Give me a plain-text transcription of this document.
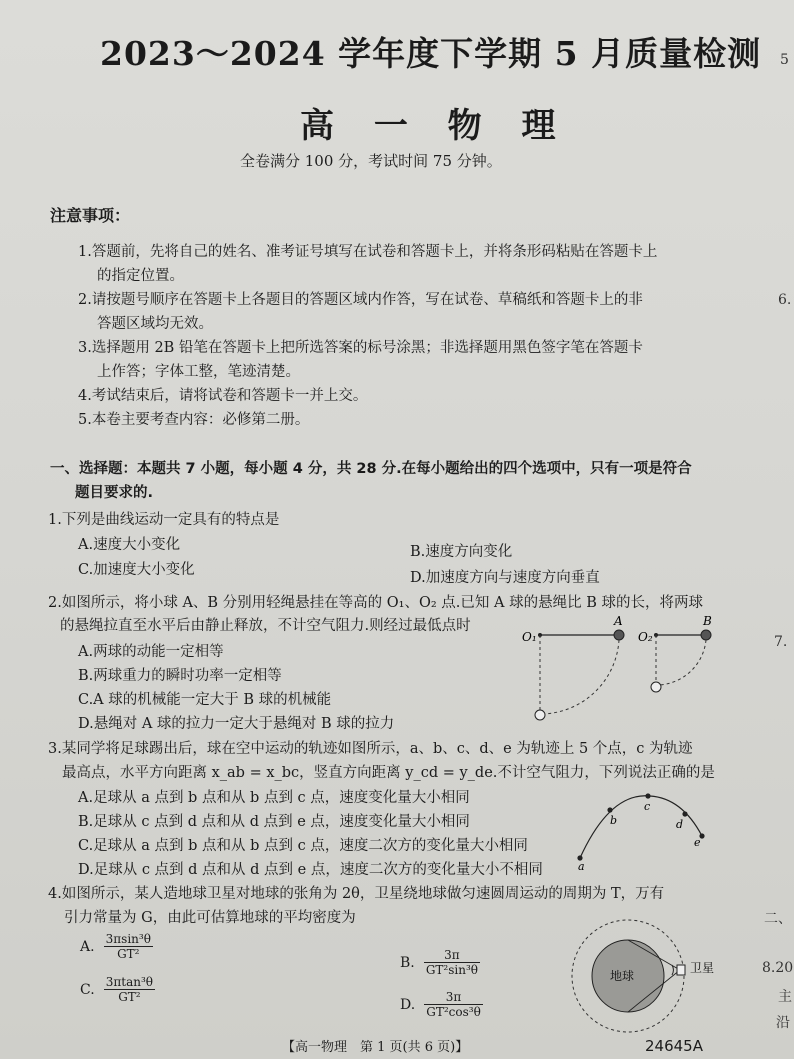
2023～2024 学年度下学期 5 月质量检测
高 一 物 理
全卷满分 100 分，考试时间 75 分钟。
注意事项：
1.答题前，先将自己的姓名、准考证号填写在试卷和答题卡上，并将条形码粘贴在答题卡上
的指定位置。
2.请按题号顺序在答题卡上各题目的答题区域内作答，写在试卷、草稿纸和答题卡上的非
答题区域均无效。
3.选择题用 2B 铅笔在答题卡上把所选答案的标号涂黑；非选择题用黑色签字笔在答题卡
上作答；字体工整，笔迹清楚。
4.考试结束后，请将试卷和答题卡一并上交。
5.本卷主要考查内容：必修第二册。
一、选择题：本题共 7 小题，每小题 4 分，共 28 分.在每小题给出的四个选项中，只有一项是符合
题目要求的.
1.下列是曲线运动一定具有的特点是
A.速度大小变化	B.速度方向变化
C.加速度大小变化	D.加速度方向与速度方向垂直
2.如图所示，将小球 A、B 分别用轻绳悬挂在等高的 O₁、O₂ 点.已知 A 球的悬绳比 B 球的长，将两球
的悬绳拉直至水平后由静止释放，不计空气阻力.则经过最低点时
A.两球的动能一定相等
B.两球重力的瞬时功率一定相等
C.A 球的机械能一定大于 B 球的机械能
D.悬绳对 A 球的拉力一定大于悬绳对 B 球的拉力
O₁
A
O₂
B
3.某同学将足球踢出后，球在空中运动的轨迹如图所示，a、b、c、d、e 为轨迹上 5 个点，c 为轨迹
最高点，水平方向距离 x_ab = x_bc，竖直方向距离 y_cd = y_de.不计空气阻力，下列说法正确的是
A.足球从 a 点到 b 点和从 b 点到 c 点，速度变化量大小相同
B.足球从 c 点到 d 点和从 d 点到 e 点，速度变化量大小相同
C.足球从 a 点到 b 点和从 b 点到 c 点，速度二次方的变化量大小相同
D.足球从 c 点到 d 点和从 d 点到 e 点，速度二次方的变化量大小不相同	a
b
c
d
e
4.如图所示，某人造地球卫星对地球的张角为 2θ，卫星绕地球做匀速圆周运动的周期为 T，万有
引力常量为 G，由此可估算地球的平均密度为
A. $\frac{\text{3πsin³θ}}{\text{GT²}}$
B. $\frac{3\pi}{\text{GT²sin³θ}}$
C. $\frac{\text{3πtan³θ}}{\text{GT²}}$
D. $\frac{3\pi}{\text{GT²cos³θ}}$
地球
卫星
5
6.
7.
二、
8.20
主
沿
【高一物理　第 1 页(共 6 页)】	24645A
